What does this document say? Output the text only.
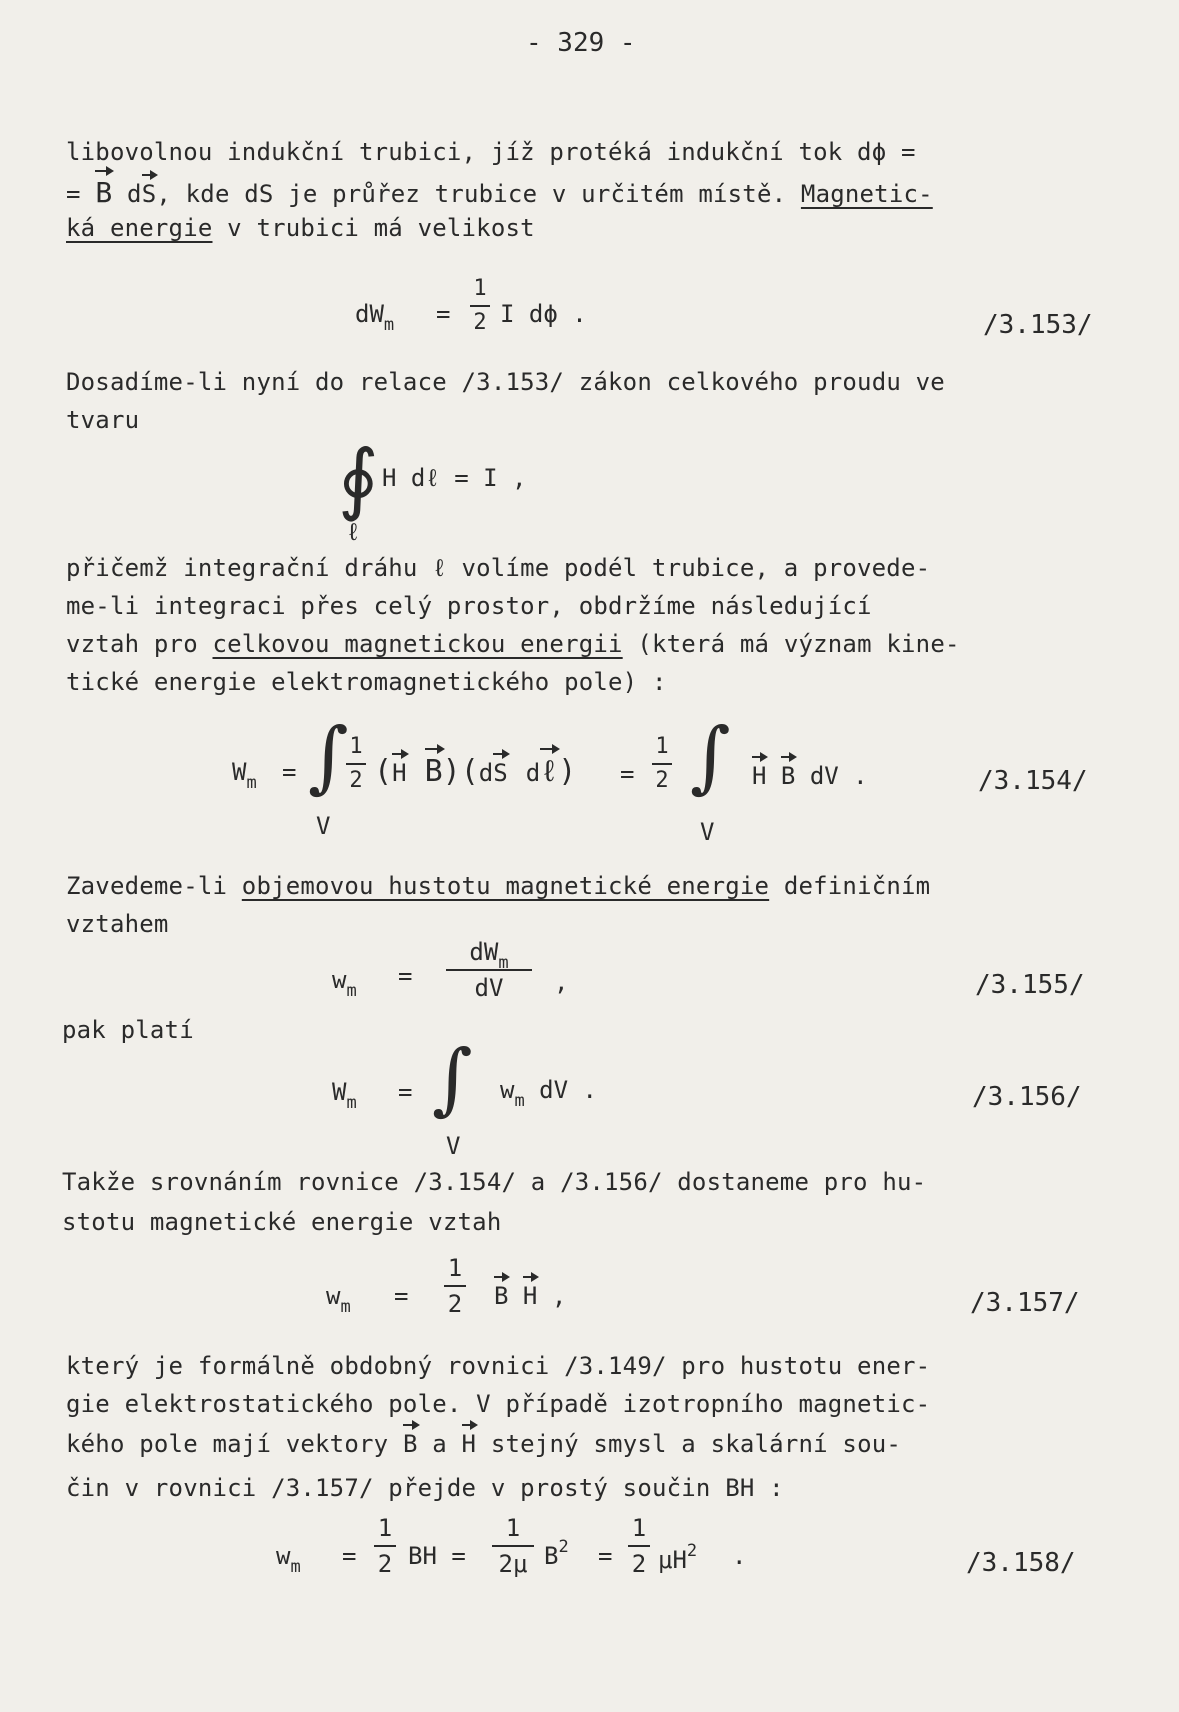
- 329 -
libovolnou indukční trubici, jíž protéká indukční tok dϕ =
= B dS, kde dS je průřez trubice v určitém místě. Magnetic-
ká energie v trubici má velikost
$dW_m$ =
1
2 I dϕ .	/3.153/
Dosadíme-li nyní do relace /3.153/ zákon celkového proudu ve
tvaru
∮ H dℓ = I ,
ℓ
přičemž integrační dráhu ℓ volíme podél trubice, a provede-
me-li integraci přes celý prostor, obdržíme následující
vztah pro celkovou magnetickou energii (která má význam kine-
tické energie elektromagnetického pole) :
$W_m$ = ∫ 1
2 (H B)(dS dℓ) =
1
2 ∫ H B dV .
V	V
/3.154/
Zavedeme-li objemovou hustotu magnetické energie definičním
vztahem
$w_m$
=
$dW_m$
dV	,	/3.155/
pak platí
$W_m$ = ∫ $w_m$ dV .
V
/3.156/
Takže srovnáním rovnice /3.154/ a /3.156/ dostaneme pro hu-
stotu magnetické energie vztah
$w_m$ =
1
2 B H ,	/3.157/
který je formálně obdobný rovnici /3.149/ pro hustotu ener-
gie elektrostatického pole. V případě izotropního magnetic-
kého pole mají vektory B a H stejný smysl a skalární sou-
čin v rovnici /3.157/ přejde v prostý součin BH :
$w_m$ =
1
2 BH =
1
2μ $B^2$ =
1
2 $\mu H^2$ .	/3.158/
